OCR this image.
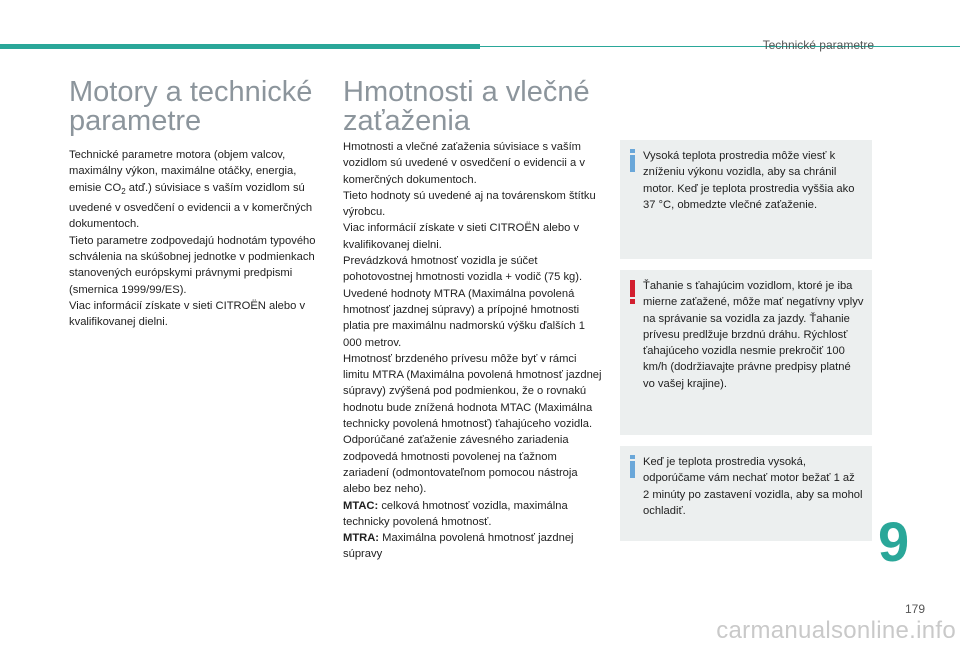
Technické parametre
Motory a technické parametre

Technické parametre motora (objem valcov, maximálny výkon, maximálne otáčky, energia, emisie $CO_2$ atď.) súvisiace s vaším vozidlom sú uvedené v osvedčení o evidencii a v komerčných dokumentoch.

Tieto parametre zodpovedajú hodnotám typového schválenia na skúšobnej jednotke v podmienkach stanovených európskymi právnymi predpismi (smernica 1999/99/ES).

Viac informácií získate v sieti CITROËN alebo v kvalifikovanej dielni.

Hmotnosti a vlečné zaťaženia

Hmotnosti a vlečné zaťaženia súvisiace s vaším vozidlom sú uvedené v osvedčení o evidencii a v komerčných dokumentoch.

Tieto hodnoty sú uvedené aj na továrenskom štítku výrobcu.

Viac informácií získate v sieti CITROËN alebo v kvalifikovanej dielni.

Prevádzková hmotnosť vozidla je súčet pohotovostnej hmotnosti vozidla + vodič (75 kg).

Uvedené hodnoty MTRA (Maximálna povolená hmotnosť jazdnej súpravy) a prípojné hmotnosti platia pre maximálnu nadmorskú výšku ďalších 1 000 metrov.

Hmotnosť brzdeného prívesu môže byť v rámci limitu MTRA (Maximálna povolená hmotnosť jazdnej súpravy) zvýšená pod podmienkou, že o rovnakú hodnotu bude znížená hodnota MTAC (Maximálna technicky povolená hmotnosť) ťahajúceho vozidla.

Odporúčané zaťaženie závesného zariadenia zodpovedá hmotnosti povolenej na ťažnom zariadení (odmontovateľnom pomocou nástroja alebo bez neho).

MTAC: celková hmotnosť vozidla, maximálna technicky povolená hmotnosť.

MTRA: Maximálna povolená hmotnosť jazdnej súpravy

Vysoká teplota prostredia môže viesť k zníženiu výkonu vozidla, aby sa chránil motor. Keď je teplota prostredia vyššia ako 37 °C, obmedzte vlečné zaťaženie.
Ťahanie s ťahajúcim vozidlom, ktoré je iba mierne zaťažené, môže mať negatívny vplyv na správanie sa vozidla za jazdy. Ťahanie prívesu predlžuje brzdnú dráhu. Rýchlosť ťahajúceho vozidla nesmie prekročiť 100 km/h (dodržiavajte právne predpisy platné vo vašej krajine).
Keď je teplota prostredia vysoká, odporúčame vám nechať motor bežať 1 až 2 minúty po zastavení vozidla, aby sa mohol ochladiť.	9
179
carmanualsonline.info
